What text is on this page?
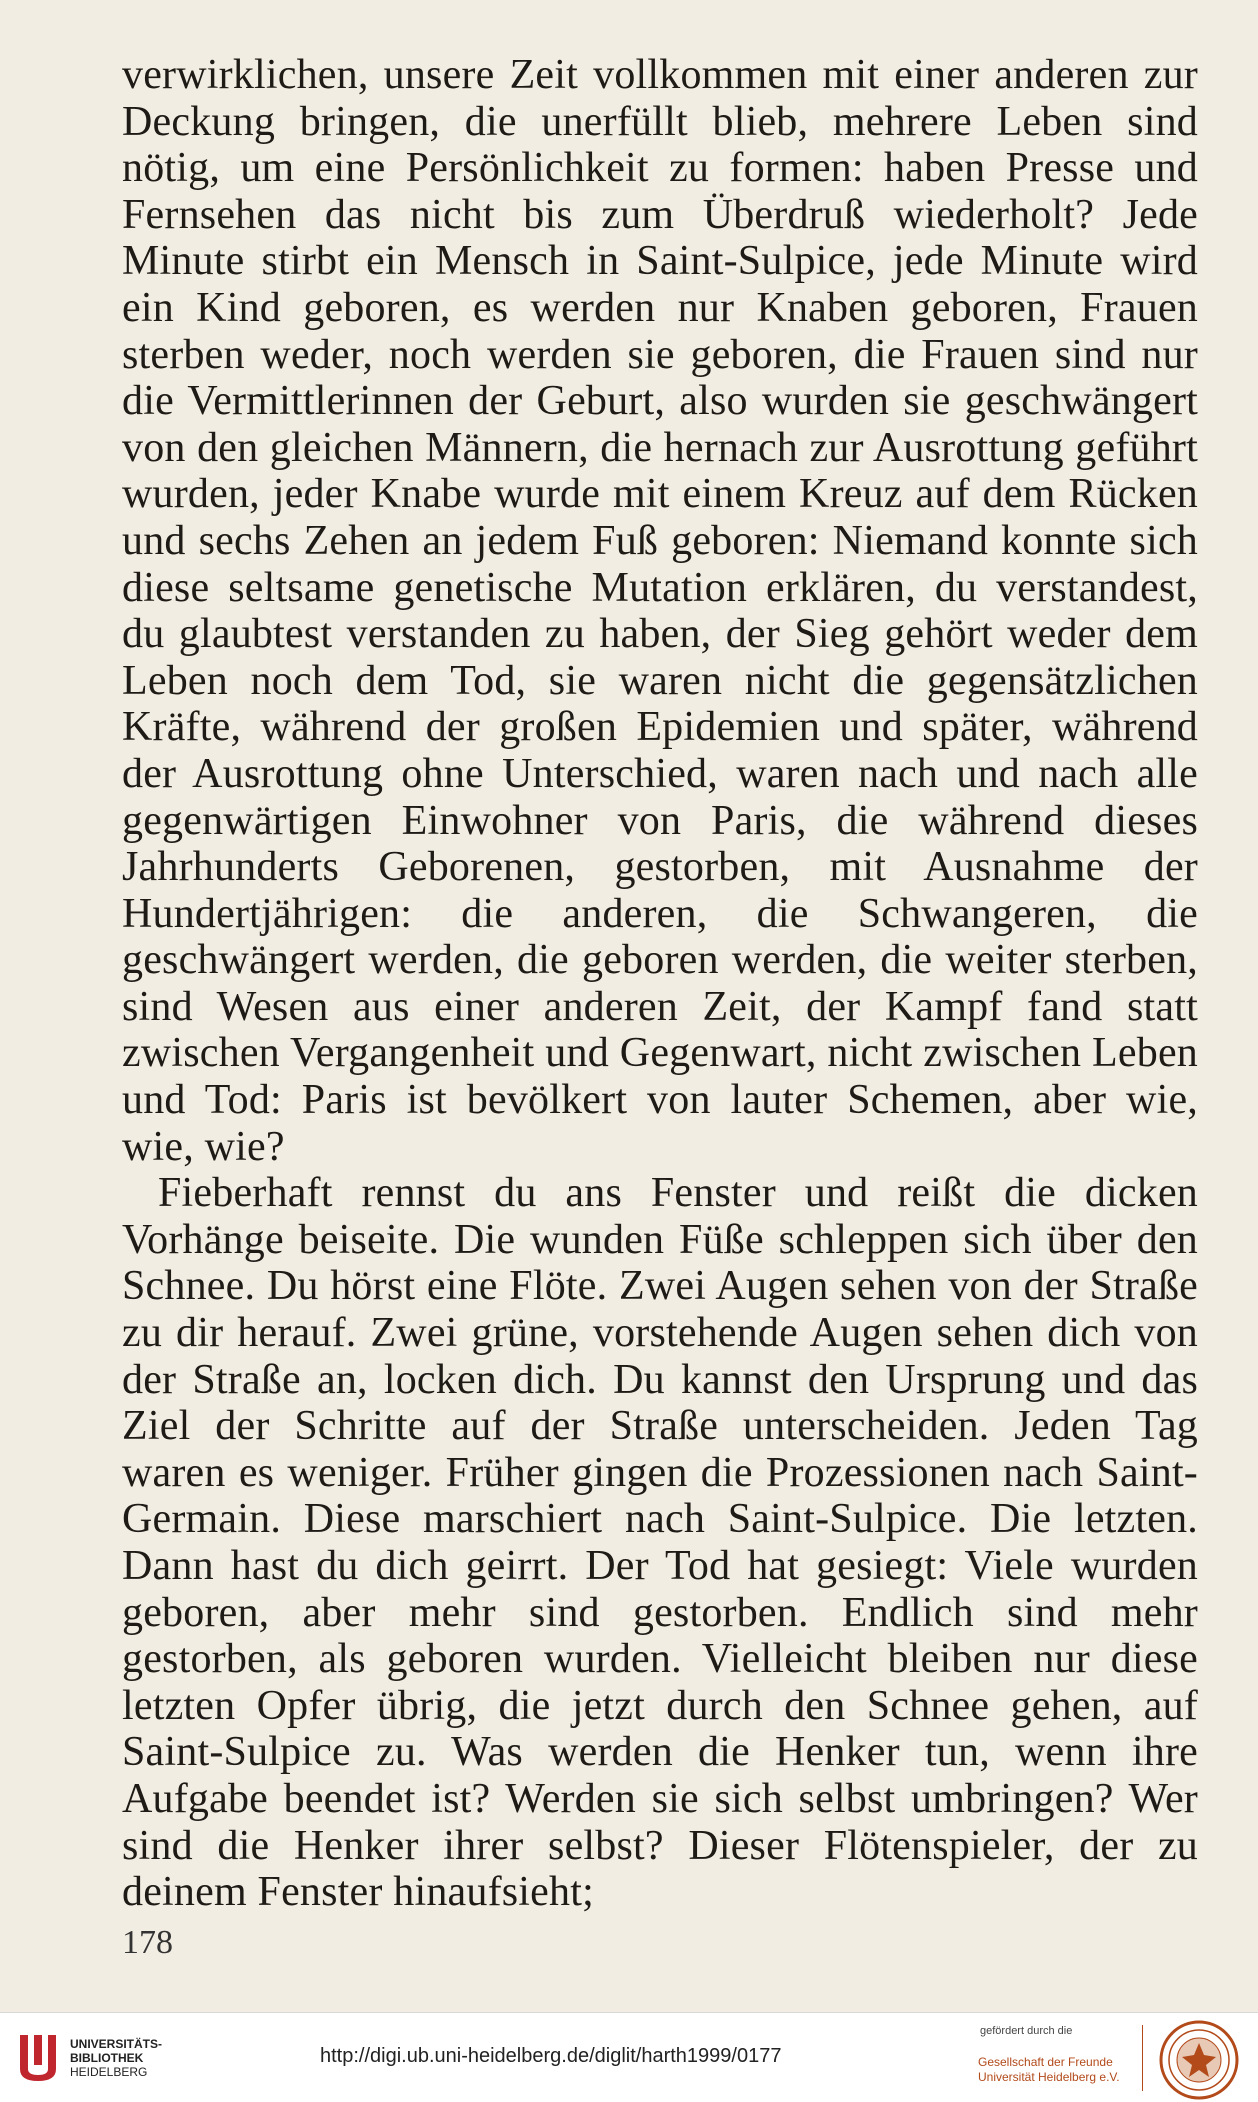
verwirklichen, unsere Zeit vollkommen mit einer anderen zur Deckung bringen, die unerfüllt blieb, mehrere Leben sind nötig, um eine Persönlichkeit zu formen: haben Presse und Fernsehen das nicht bis zum Überdruß wiederholt? Jede Minute stirbt ein Mensch in Saint-Sulpice, jede Minute wird ein Kind geboren, es werden nur Knaben geboren, Frauen sterben weder, noch werden sie geboren, die Frauen sind nur die Vermittlerinnen der Geburt, also wurden sie geschwängert von den gleichen Männern, die hernach zur Ausrottung geführt wurden, jeder Knabe wurde mit einem Kreuz auf dem Rücken und sechs Zehen an jedem Fuß geboren: Niemand konnte sich diese seltsame genetische Mutation erklären, du verstandest, du glaubtest verstanden zu haben, der Sieg gehört weder dem Leben noch dem Tod, sie waren nicht die gegensätzlichen Kräfte, während der großen Epidemien und später, während der Ausrottung ohne Unterschied, waren nach und nach alle gegenwärtigen Einwohner von Paris, die während dieses Jahrhunderts Geborenen, gestorben, mit Ausnahme der Hundertjährigen: die anderen, die Schwangeren, die geschwängert werden, die geboren werden, die weiter sterben, sind Wesen aus einer anderen Zeit, der Kampf fand statt zwischen Vergangenheit und Gegenwart, nicht zwischen Leben und Tod: Paris ist bevölkert von lauter Schemen, aber wie, wie, wie?

Fieberhaft rennst du ans Fenster und reißt die dicken Vorhänge beiseite. Die wunden Füße schleppen sich über den Schnee. Du hörst eine Flöte. Zwei Augen sehen von der Straße zu dir herauf. Zwei grüne, vorstehende Augen sehen dich von der Straße an, locken dich. Du kannst den Ursprung und das Ziel der Schritte auf der Straße unterscheiden. Jeden Tag waren es weniger. Früher gingen die Prozessionen nach Saint-Germain. Diese marschiert nach Saint-Sulpice. Die letzten. Dann hast du dich geirrt. Der Tod hat gesiegt: Viele wurden geboren, aber mehr sind gestorben. Endlich sind mehr gestorben, als geboren wurden. Vielleicht bleiben nur diese letzten Opfer übrig, die jetzt durch den Schnee gehen, auf Saint-Sulpice zu. Was werden die Henker tun, wenn ihre Aufgabe beendet ist? Werden sie sich selbst umbringen? Wer sind die Henker ihrer selbst? Dieser Flötenspieler, der zu deinem Fenster hinaufsieht;

178
UNIVERSITÄTS-
BIBLIOTHEK
HEIDELBERG
http://digi.ub.uni-heidelberg.de/diglit/harth1999/0177
gefördert durch die
Gesellschaft der Freunde
Universität Heidelberg e.V.
